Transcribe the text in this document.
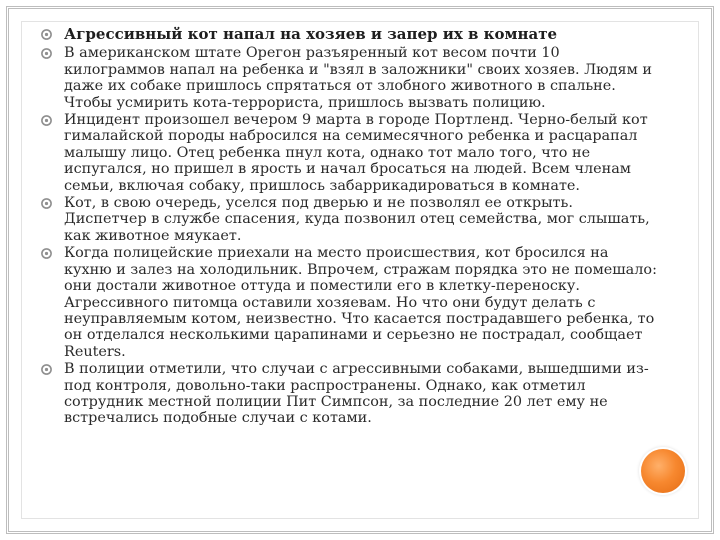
Агрессивный кот напал на хозяев и запер их в комнате
В американском штате Орегон разъяренный кот весом почти 10 килограммов напал на ребенка и "взял в заложники" своих хозяев. Людям и даже их собаке пришлось спрятаться от злобного животного в спальне. Чтобы усмирить кота-террориста, пришлось вызвать полицию.
Инцидент произошел вечером 9 марта в городе Портленд. Черно-белый кот гималайской породы набросился на семимесячного ребенка и расцарапал малышу лицо. Отец ребенка пнул кота, однако тот мало того, что не испугался, но пришел в ярость и начал бросаться на людей. Всем членам семьи, включая собаку, пришлось забаррикадироваться в комнате.
Кот, в свою очередь, уселся под дверью и не позволял ее открыть. Диспетчер в службе спасения, куда позвонил отец семейства, мог слышать, как животное мяукает.
Когда полицейские приехали на место происшествия, кот бросился на кухню и залез на холодильник. Впрочем, стражам порядка это не помешало: они достали животное оттуда и поместили его в клетку-переноску. Агрессивного питомца оставили хозяевам. Но что они будут делать с неуправляемым котом, неизвестно. Что касается пострадавшего ребенка, то он отделался несколькими царапинами и серьезно не пострадал, сообщает Reuters.
В полиции отметили, что случаи с агрессивными собаками, вышедшими из-под контроля, довольно-таки распространены. Однако, как отметил сотрудник местной полиции Пит Симпсон, за последние 20 лет ему не встречались подобные случаи с котами.
